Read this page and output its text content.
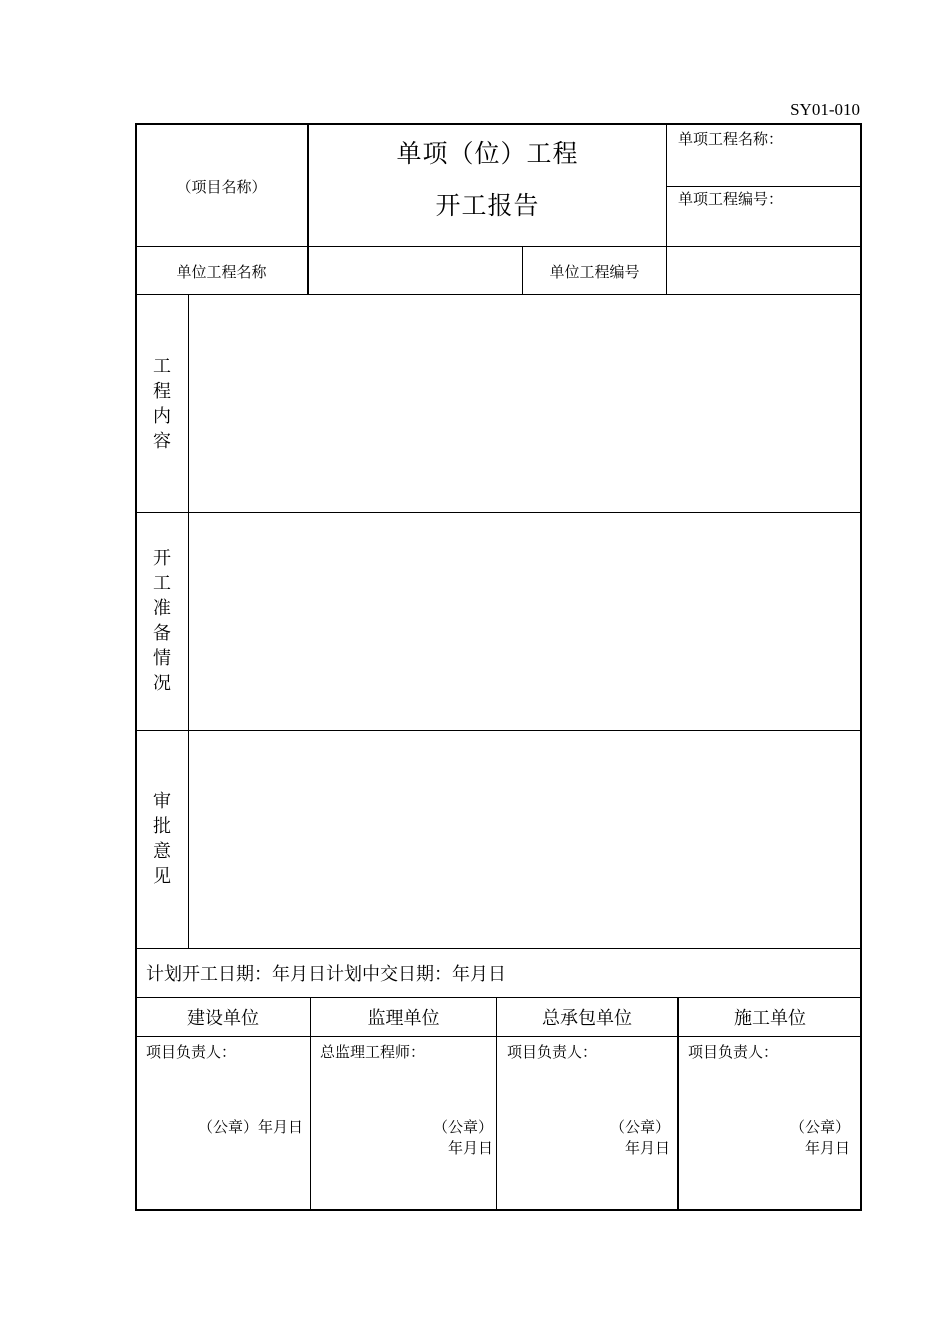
SY01-010
（项目名称）
单项（位）工程
开工报告
单项工程名称：
单项工程编号：
单位工程名称	单位工程编号
工
程
内
容
开
工
准
备
情
况
审
批
意
见
计划开工日期：年月日计划中交日期：年月日
建设单位	监理单位	总承包单位	施工单位
项目负责人：
（公章）年月日
总监理工程师：
（公章）
年月日
项目负责人：
（公章）
年月日
项目负责人：
（公章）
年月日
